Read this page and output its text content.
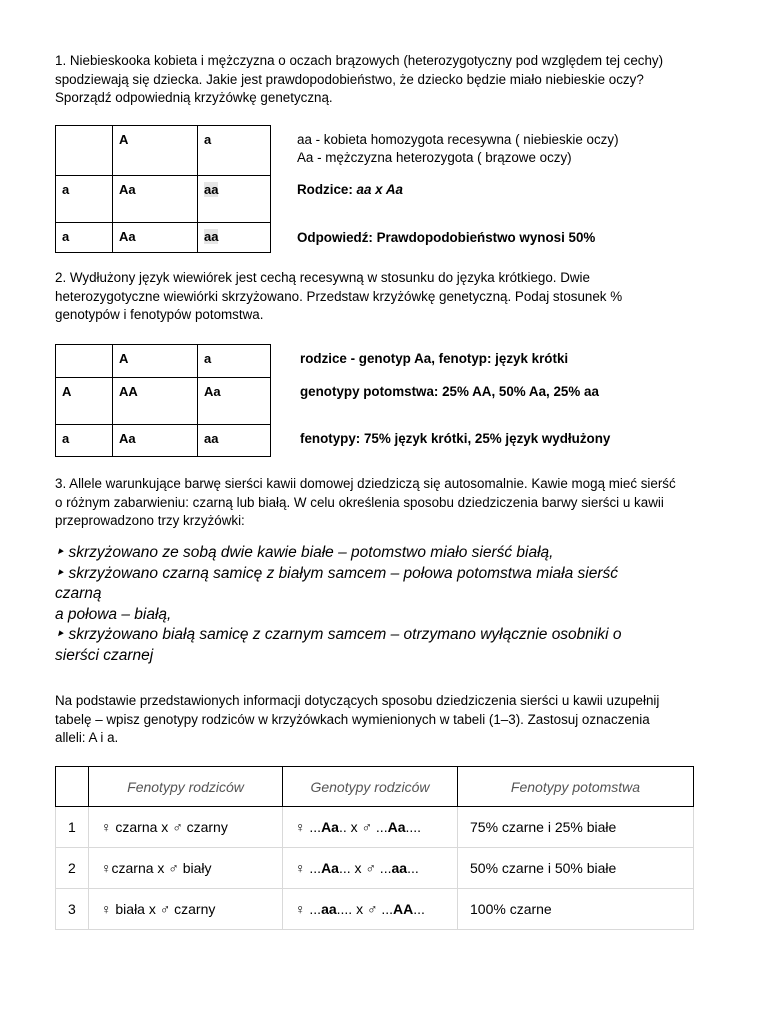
1. Niebieskooka kobieta i mężczyzna o oczach brązowych (heterozygotyczny pod względem tej cechy)
spodziewają się dziecka. Jakie jest prawdopodobieństwo, że dziecko będzie miało niebieskie oczy?
Sporządź odpowiednią krzyżówkę genetyczną.
	A	a
a	Aa	aa
a	Aa	aa
aa - kobieta homozygota recesywna ( niebieskie oczy)
Aa - mężczyzna heterozygota ( brązowe oczy)
Rodzice: aa x Aa
Odpowiedź: Prawdopodobieństwo wynosi 50%
2. Wydłużony język wiewiórek jest cechą recesywną w stosunku do języka krótkiego. Dwie
heterozygotyczne wiewiórki skrzyżowano. Przedstaw krzyżówkę genetyczną. Podaj stosunek %
genotypów i fenotypów potomstwa.
	A	a
A	AA	Aa
a	Aa	aa
rodzice - genotyp Aa, fenotyp: język krótki
genotypy potomstwa: 25% AA, 50% Aa, 25% aa
fenotypy: 75% język krótki, 25% język wydłużony
3. Allele warunkujące barwę sierści kawii domowej dziedziczą się autosomalnie. Kawie mogą mieć sierść
o różnym zabarwieniu: czarną lub białą. W celu określenia sposobu dziedziczenia barwy sierści u kawii
przeprowadzono trzy krzyżówki:
‣ skrzyżowano ze sobą dwie kawie białe – potomstwo miało sierść białą,
‣ skrzyżowano czarną samicę z białym samcem – połowa potomstwa miała sierść
czarną
a połowa – białą,
‣ skrzyżowano białą samicę z czarnym samcem – otrzymano wyłącznie osobniki o
sierści czarnej
Na podstawie przedstawionych informacji dotyczących sposobu dziedziczenia sierści u kawii uzupełnij
tabelę – wpisz genotypy rodziców w krzyżówkach wymienionych w tabeli (1–3). Zastosuj oznaczenia
alleli: A i a.
	Fenotypy rodziców	Genotypy rodziców	Fenotypy potomstwa
1	♀ czarna x ♂ czarny	♀ ...Aa.. x ♂ ...Aa....	75% czarne i 25% białe
2	♀czarna x ♂ biały	♀ ...Aa... x ♂ ...aa...	50% czarne i 50% białe
3	♀ biała x ♂ czarny	♀ ...aa.... x ♂ ...AA...	100% czarne
